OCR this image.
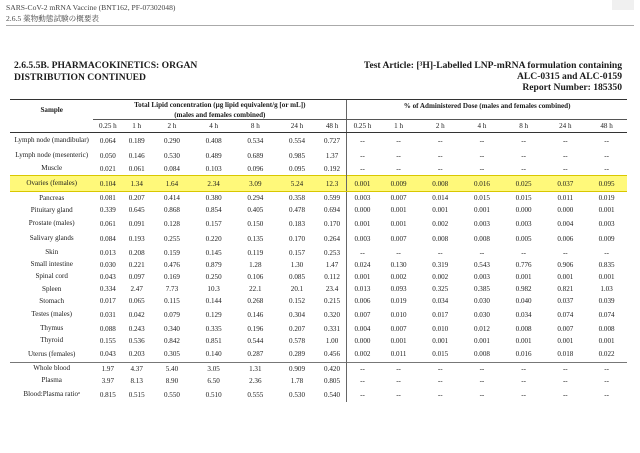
SARS-CoV-2 mRNA Vaccine (BNT162, PF-07302048)
2.6.5 薬物動態試験の概要表
2.6.5.5B. PHARMACOKINETICS: ORGAN
DISTRIBUTION CONTINUED
Test Article: [³H]-Labelled LNP-mRNA formulation containing
ALC-0315 and ALC-0159
Report Number: 185350
Sample	Total Lipid concentration (µg lipid equivalent/g [or mL])							% of Administered Dose (males and females combined)						
	(males and females combined)													
	0.25 h	1 h	2 h	4 h	8 h	24 h	48 h	0.25 h	1 h	2 h	4 h	8 h	24 h	48 h
Lymph node (mandibular)	0.064	0.189	0.290	0.408	0.534	0.554	0.727	--	--	--	--	--	--	--
Lymph node (mesenteric)	0.050	0.146	0.530	0.489	0.689	0.985	1.37	--	--	--	--	--	--	--
Muscle	0.021	0.061	0.084	0.103	0.096	0.095	0.192	--	--	--	--	--	--	--
Ovaries (females)	0.104	1.34	1.64	2.34	3.09	5.24	12.3	0.001	0.009	0.008	0.016	0.025	0.037	0.095
Pancreas	0.081	0.207	0.414	0.380	0.294	0.358	0.599	0.003	0.007	0.014	0.015	0.015	0.011	0.019
Pituitary gland	0.339	0.645	0.868	0.854	0.405	0.478	0.694	0.000	0.001	0.001	0.001	0.000	0.000	0.001
Prostate (males)	0.061	0.091	0.128	0.157	0.150	0.183	0.170	0.001	0.001	0.002	0.003	0.003	0.004	0.003
Salivary glands	0.084	0.193	0.255	0.220	0.135	0.170	0.264	0.003	0.007	0.008	0.008	0.005	0.006	0.009
Skin	0.013	0.208	0.159	0.145	0.119	0.157	0.253	--	--	--	--	--	--	--
Small intestine	0.030	0.221	0.476	0.879	1.28	1.30	1.47	0.024	0.130	0.319	0.543	0.776	0.906	0.835
Spinal cord	0.043	0.097	0.169	0.250	0.106	0.085	0.112	0.001	0.002	0.002	0.003	0.001	0.001	0.001
Spleen	0.334	2.47	7.73	10.3	22.1	20.1	23.4	0.013	0.093	0.325	0.385	0.982	0.821	1.03
Stomach	0.017	0.065	0.115	0.144	0.268	0.152	0.215	0.006	0.019	0.034	0.030	0.040	0.037	0.039
Testes (males)	0.031	0.042	0.079	0.129	0.146	0.304	0.320	0.007	0.010	0.017	0.030	0.034	0.074	0.074
Thymus	0.088	0.243	0.340	0.335	0.196	0.207	0.331	0.004	0.007	0.010	0.012	0.008	0.007	0.008
Thyroid	0.155	0.536	0.842	0.851	0.544	0.578	1.00	0.000	0.001	0.001	0.001	0.001	0.001	0.001
Uterus (females)	0.043	0.203	0.305	0.140	0.287	0.289	0.456	0.002	0.011	0.015	0.008	0.016	0.018	0.022
Whole blood	1.97	4.37	5.40	3.05	1.31	0.909	0.420	--	--	--	--	--	--	--
Plasma	3.97	8.13	8.90	6.50	2.36	1.78	0.805	--	--	--	--	--	--	--
Blood:Plasma ratioᵃ	0.815	0.515	0.550	0.510	0.555	0.530	0.540	--	--	--	--	--	--	--
